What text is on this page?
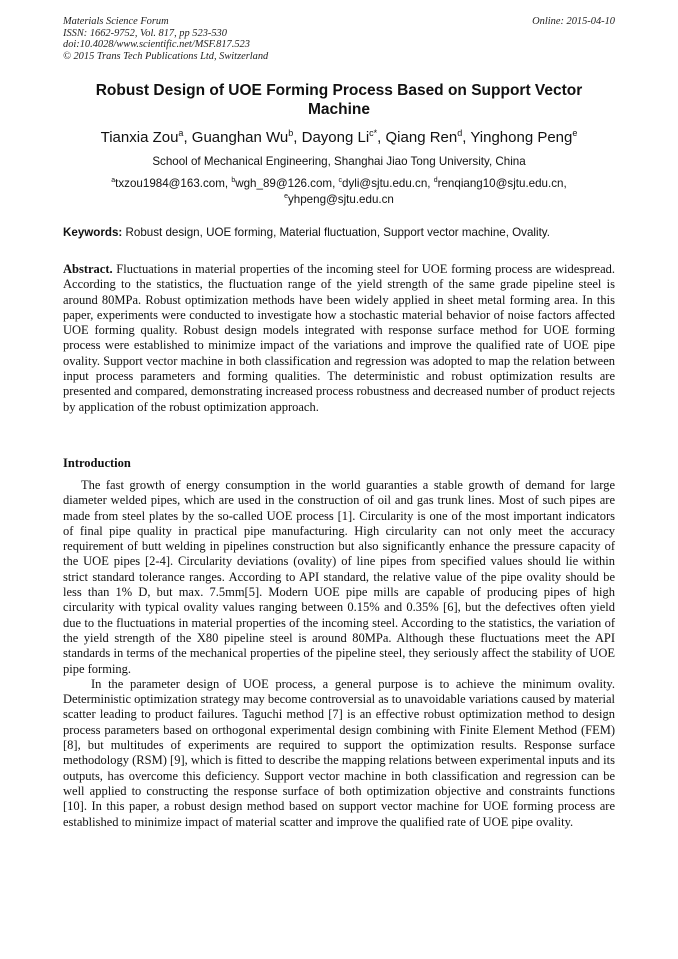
Materials Science Forum
ISSN: 1662-9752, Vol. 817, pp 523-530
doi:10.4028/www.scientific.net/MSF.817.523
© 2015 Trans Tech Publications Ltd, Switzerland
Online: 2015-04-10
Robust Design of UOE Forming Process Based on Support Vector Machine
Tianxia Zou$^a$, Guanghan Wu$^b$, Dayong $Li^{c*}$, Qiang Ren$^d$, Yinghong Peng$^e$
School of Mechanical Engineering, Shanghai Jiao Tong University, China
$^a$txzou1984@163.com, $^b$wgh_89@126.com, $^c$dyli@sjtu.edu.cn, $^d$renqiang10@sjtu.edu.cn,
$^e$yhpeng@sjtu.edu.cn
Keywords: Robust design, UOE forming, Material fluctuation, Support vector machine, Ovality.
Abstract. Fluctuations in material properties of the incoming steel for UOE forming process are widespread. According to the statistics, the fluctuation range of the yield strength of the same grade pipeline steel is around 80MPa. Robust optimization methods have been widely applied in sheet metal forming area. In this paper, experiments were conducted to investigate how a stochastic material behavior of noise factors affected UOE forming quality. Robust design models integrated with response surface method for UOE forming process were established to minimize impact of the variations and improve the qualified rate of UOE pipe ovality. Support vector machine in both classification and regression was adopted to map the relation between input process parameters and forming qualities. The deterministic and robust optimization results are presented and compared, demonstrating increased process robustness and decreased number of product rejects by application of the robust optimization approach.
Introduction

The fast growth of energy consumption in the world guaranties a stable growth of demand for large diameter welded pipes, which are used in the construction of oil and gas trunk lines. Most of such pipes are made from steel plates by the so-called UOE process [1]. Circularity is one of the most important indicators of final pipe quality in practical pipe manufacturing. High circularity can not only meet the accuracy requirement of butt welding in pipelines construction but also significantly enhance the pressure capacity of the UOE pipes [2-4]. Circularity deviations (ovality) of line pipes from specified values should lie within strict standard tolerance ranges. According to API standard, the relative value of the pipe ovality should be less than 1% D, but max. 7.5mm[5]. Modern UOE pipe mills are capable of producing pipes of high circularity with typical ovality values ranging between 0.15% and 0.35% [6], but the defectives often yield due to the fluctuations in material properties of the incoming steel. According to the statistics, the variation of the yield strength of the X80 pipeline steel is around 80MPa. Although these fluctuations meet the API standards in terms of the mechanical properties of the pipeline steel, they seriously affect the stability of UOE pipe forming.

In the parameter design of UOE process, a general purpose is to achieve the minimum ovality. Deterministic optimization strategy may become controversial as to unavoidable variations caused by material scatter leading to product failures. Taguchi method [7] is an effective robust optimization method to design process parameters based on orthogonal experimental design combining with Finite Element Method (FEM) [8], but multitudes of experiments are required to support the optimization results. Response surface methodology (RSM) [9], which is fitted to describe the mapping relations between experimental inputs and its outputs, has overcome this deficiency. Support vector machine in both classification and regression can be well applied to constructing the response surface of both optimization objective and constraints functions [10]. In this paper, a robust design method based on support vector machine for UOE forming process are established to minimize impact of material scatter and improve the qualified rate of UOE pipe ovality.
